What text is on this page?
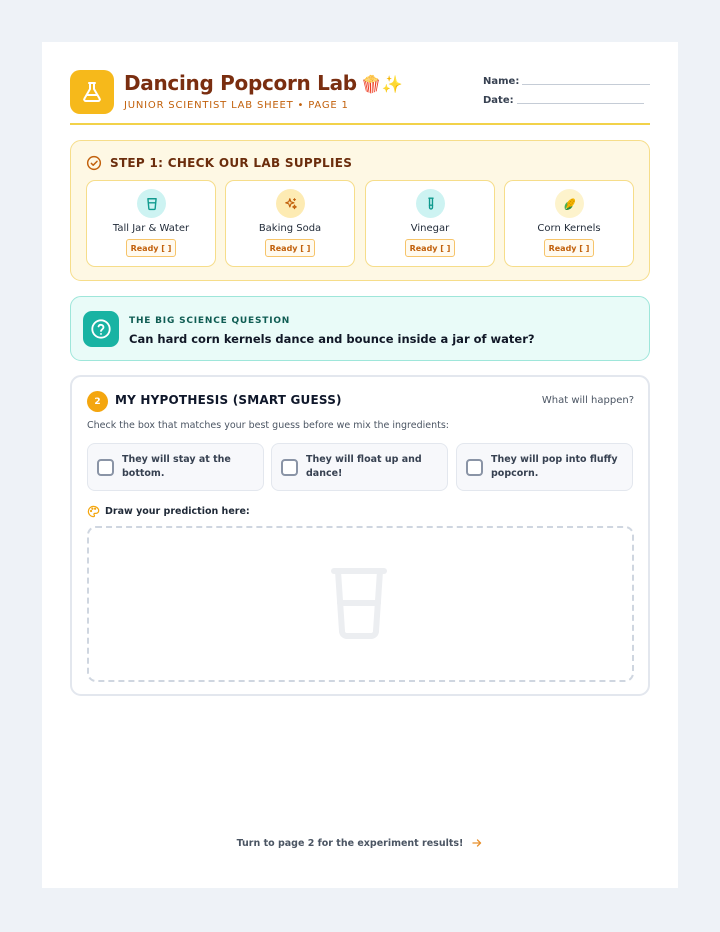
Dancing Popcorn Lab 🍿✨
JUNIOR SCIENTIST LAB SHEET • PAGE 1
Name:
Date:
STEP 1: CHECK OUR LAB SUPPLIES
Tall Jar & Water
Ready [ ]
Baking Soda
Ready [ ]
Vinegar
Ready [ ]
Corn Kernels
Ready [ ]
THE BIG SCIENCE QUESTION
Can hard corn kernels dance and bounce inside a jar of water?
2	MY HYPOTHESIS (SMART GUESS)	What will happen?
Check the box that matches your best guess before we mix the ingredients:
They will stay at the bottom.
They will float up and dance!
They will pop into fluffy popcorn.
Draw your prediction here:
Turn to page 2 for the experiment results!
